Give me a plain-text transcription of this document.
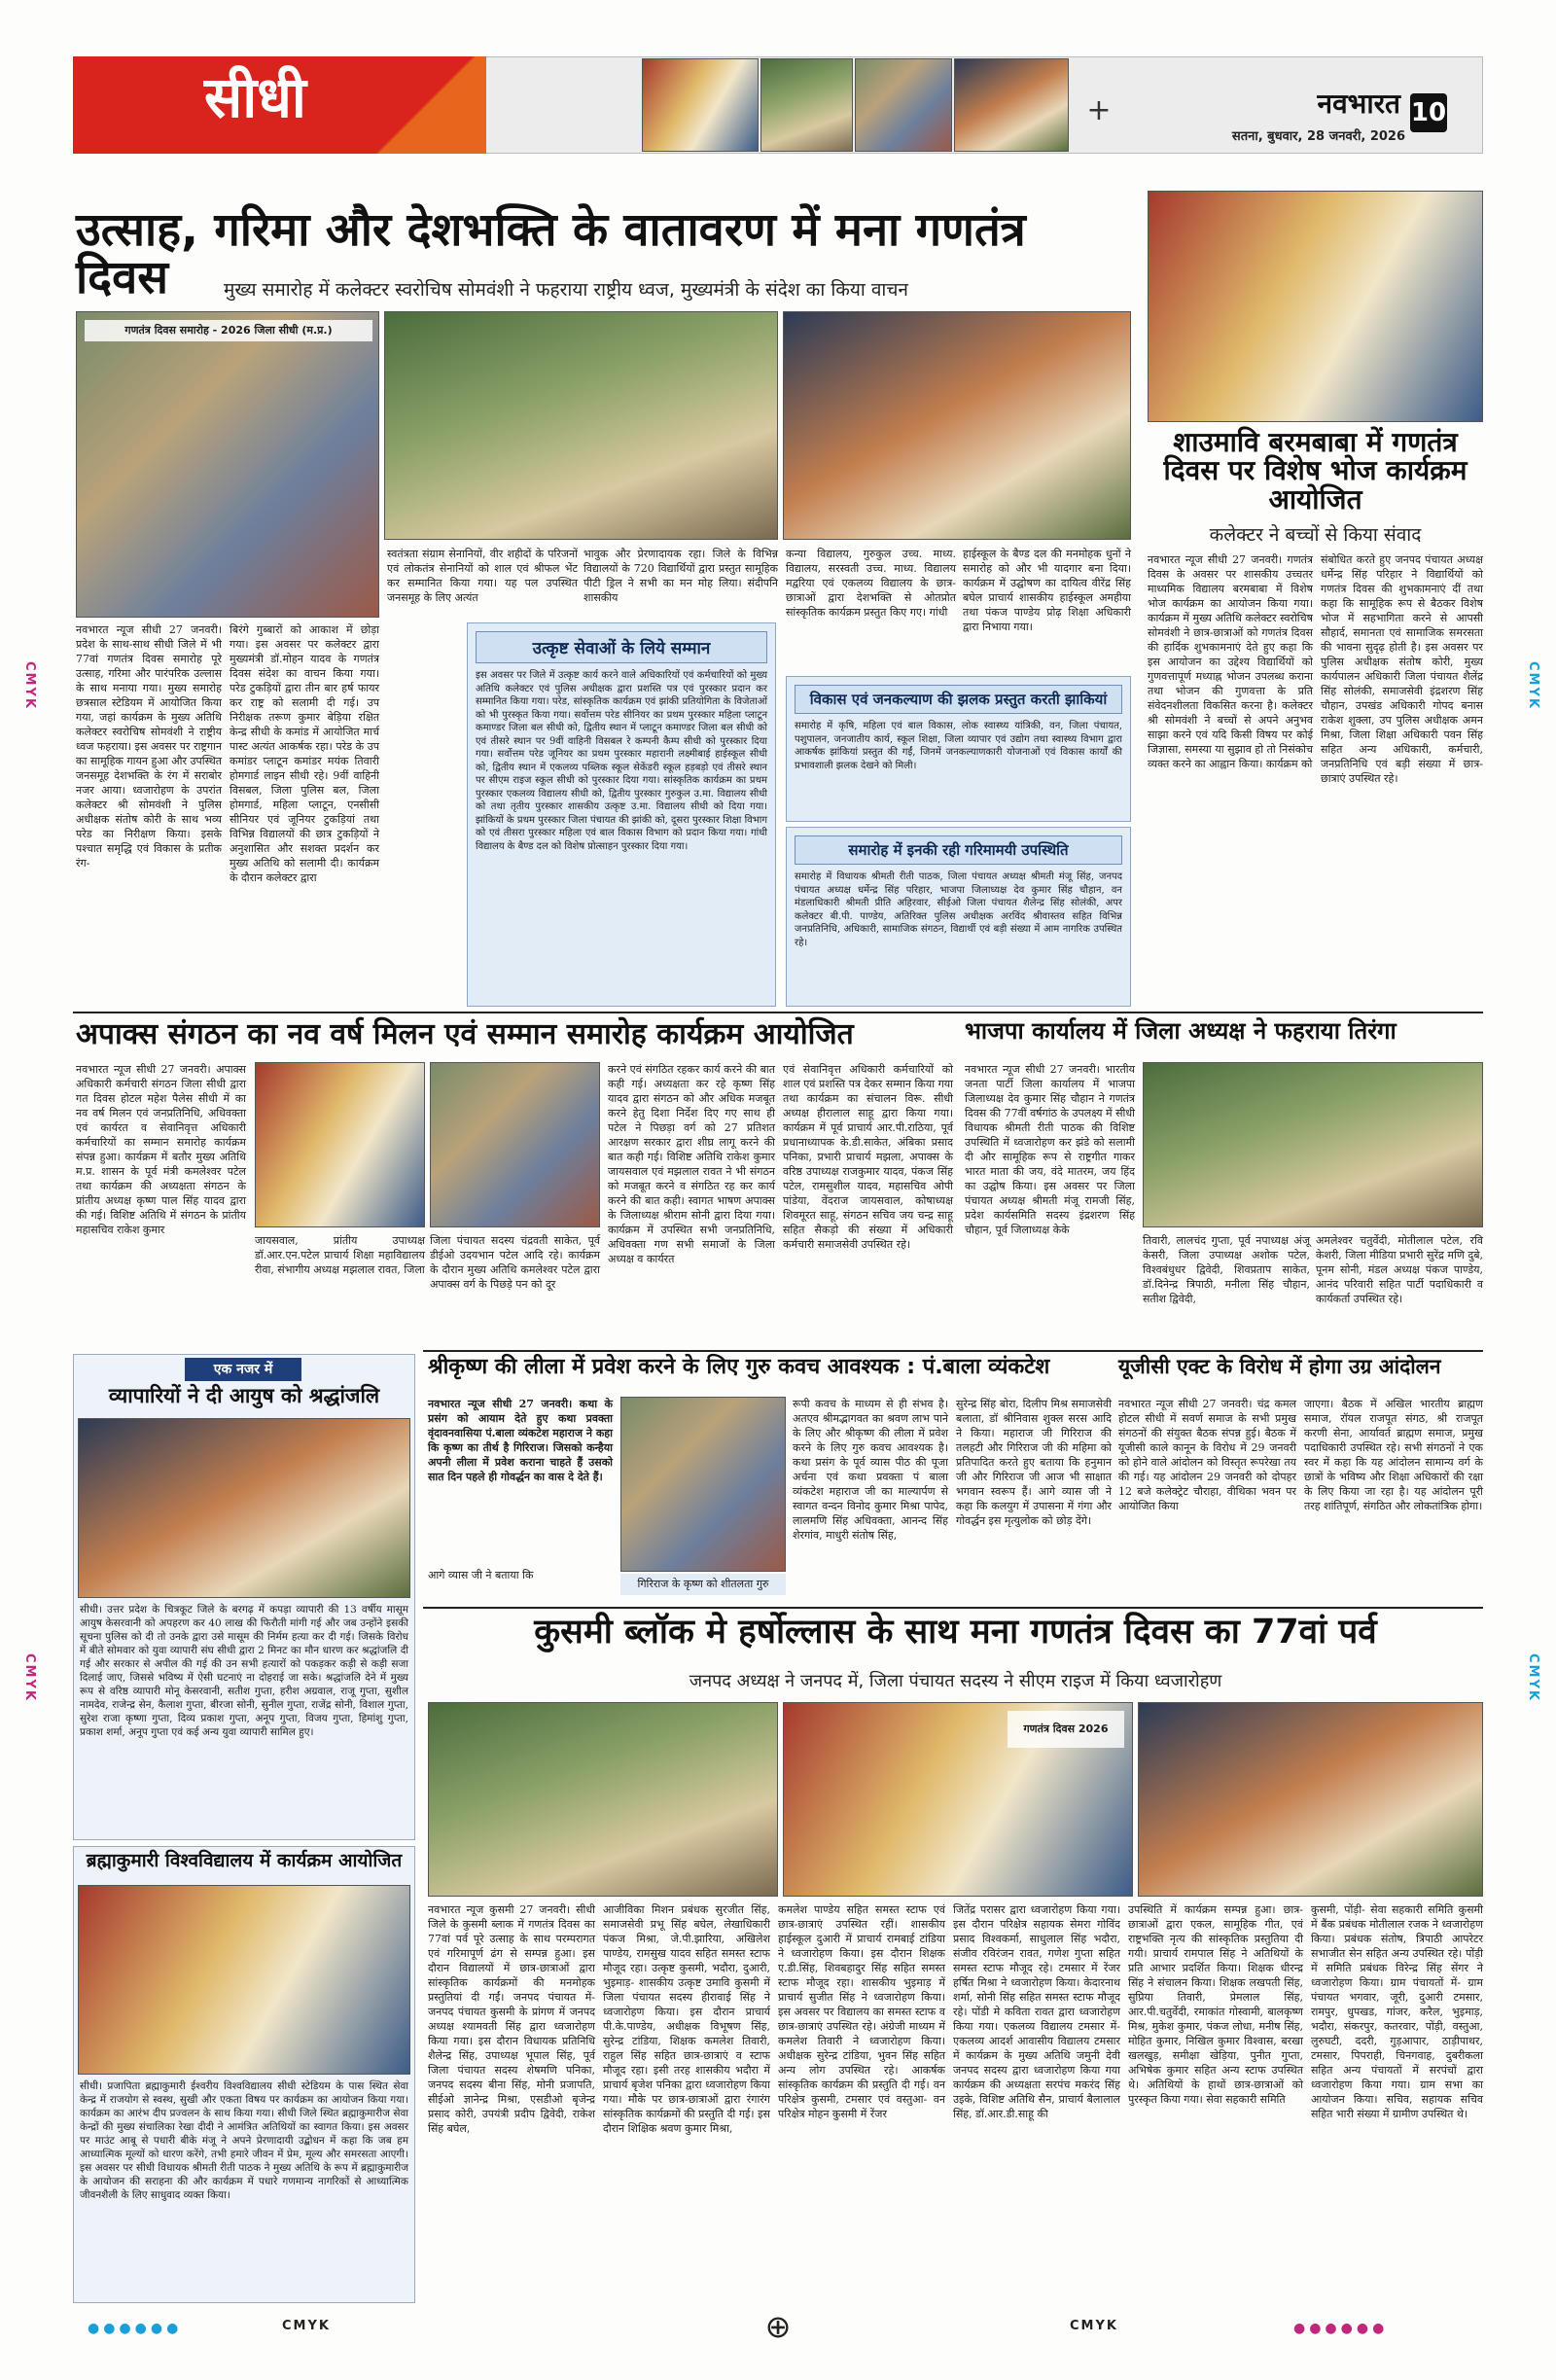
सीधी	+	नवभारत 10
सतना, बुधवार, 28 जनवरी, 2026
उत्साह, गरिमा और देशभक्ति के वातावरण में मना गणतंत्र दिवस	मुख्य समारोह में कलेक्टर स्वरोचिष सोमवंशी ने फहराया राष्ट्रीय ध्वज, मुख्यमंत्री के संदेश का किया वाचन
गणतंत्र दिवस समारोह - 2026 जिला सीधी (म.प्र.)
नवभारत न्यूज सीधी 27 जनवरी। प्रदेश के साथ-साथ सीधी जिले में भी 77वां गणतंत्र दिवस समारोह पूरे उत्साह, गरिमा और पारंपरिक उल्लास के साथ मनाया गया। मुख्य समारोह छत्रसाल स्टेडियम में आयोजित किया गया, जहां कार्यक्रम के मुख्य अतिथि कलेक्टर स्वरोचिष सोमवंशी ने राष्ट्रीय ध्वज फहराया। इस अवसर पर राष्ट्रगान का सामूहिक गायन हुआ और उपस्थित जनसमूह देशभक्ति के रंग में सराबोर नजर आया। ध्वजारोहण के उपरांत कलेक्टर श्री सोमवंशी ने पुलिस अधीक्षक संतोष कोरी के साथ भव्य परेड का निरीक्षण किया। इसके पश्चात समृद्धि एवं विकास के प्रतीक रंग-
बिरंगे गुब्बारों को आकाश में छोड़ा गया। इस अवसर पर कलेक्टर द्वारा मुख्यमंत्री डॉ.मोहन यादव के गणतंत्र दिवस संदेश का वाचन किया गया। परेड टुकड़ियों द्वारा तीन बार हर्ष फायर कर राष्ट्र को सलामी दी गई। उप निरीक्षक तरूण कुमार बेड़िया रक्षित केन्द्र सीधी के कमांड में आयोजित मार्च पास्ट अत्यंत आकर्षक रहा। परेड के उप कमांडर प्लाटून कमांडर मयंक तिवारी होमगार्ड लाइन सीधी रहे। 9वीं वाहिनी विसबल, जिला पुलिस बल, जिला होमगार्ड, महिला प्लाटून, एनसीसी सीनियर एवं जूनियर टुकड़ियां तथा विभिन्न विद्यालयों की छात्र टुकड़ियों ने अनुशासित और सशक्त प्रदर्शन कर मुख्य अतिथि को सलामी दी। कार्यक्रम के दौरान कलेक्टर द्वारा
स्वतंत्रता संग्राम सेनानियों, वीर शहीदों के परिजनों एवं लोकतंत्र सेनानियों को शाल एवं श्रीफल भेंट कर सम्मानित किया गया। यह पल उपस्थित जनसमूह के लिए अत्यंत
भावुक और प्रेरणादायक रहा। जिले के विभिन्न विद्यालयों के 720 विद्यार्थियों द्वारा प्रस्तुत सामूहिक पीटी ड्रिल ने सभी का मन मोह लिया। संदीपनि शासकीय
कन्या विद्यालय, गुरुकुल उच्च. माध्य. विद्यालय, सरस्वती उच्च. माध्य. विद्यालय मद्वरिया एवं एकलव्य विद्यालय के छात्र-छात्राओं द्वारा देशभक्ति से ओतप्रोत सांस्कृतिक कार्यक्रम प्रस्तुत किए गए। गांधी
हाईस्कूल के बैण्ड दल की मनमोहक धुनों ने समारोह को और भी यादगार बना दिया। कार्यक्रम में उद्घोषण का दायित्व वीरेंद्र सिंह बघेल प्राचार्य शासकीय हाईस्कूल अमहीया तथा पंकज पाण्डेय प्रोढ़ शिक्षा अधिकारी द्वारा निभाया गया।
उत्कृष्ट सेवाओं के लिये सम्मान
इस अवसर पर जिले में उत्कृष्ट कार्य करने वाले अधिकारियों एवं कर्मचारियों को मुख्य अतिथि कलेक्टर एवं पुलिस अधीक्षक द्वारा प्रशस्ति पत्र एवं पुरस्कार प्रदान कर सम्मानित किया गया। परेड, सांस्कृतिक कार्यक्रम एवं झांकी प्रतियोगिता के विजेताओं को भी पुरस्कृत किया गया। सर्वोत्तम परेड सीनियर का प्रथम पुरस्कार महिला प्लाटून कमाण्डर जिला बल सीधी को, द्वितीय स्थान में प्लाटून कमाण्डर जिला बल सीधी को एवं तीसरे स्थान पर 9वीं वाहिनी विसबल रे कम्पनी कैम्प सीधी को पुरस्कार दिया गया। सर्वोत्तम परेड जूनियर का प्रथम पुरस्कार महारानी लक्ष्मीबाई हाईस्कूल सीधी को, द्वितीय स्थान में एकलव्य पब्लिक स्कूल सेकेंडरी स्कूल हड़बड़ो एवं तीसरे स्थान पर सीएम राइज स्कूल सीधी को पुरस्कार दिया गया। सांस्कृतिक कार्यक्रम का प्रथम पुरस्कार एकलव्य विद्यालय सीधी को, द्वितीय पुरस्कार गुरुकुल उ.मा. विद्यालय सीधी को तथा तृतीय पुरस्कार शासकीय उत्कृष्ट उ.मा. विद्यालय सीधी को दिया गया। झांकियों के प्रथम पुरस्कार जिला पंचायत की झांकी को, दूसरा पुरस्कार शिक्षा विभाग को एवं तीसरा पुरस्कार महिला एवं बाल विकास विभाग को प्रदान किया गया। गांधी विद्यालय के बैण्ड दल को विशेष प्रोत्साहन पुरस्कार दिया गया।
विकास एवं जनकल्याण की झलक प्रस्तुत करती झाकियां
समारोह में कृषि, महिला एवं बाल विकास, लोक स्वास्थ्य यांत्रिकी, वन, जिला पंचायत, पशुपालन, जनजातीय कार्य, स्कूल शिक्षा, जिला व्यापार एवं उद्योग तथा स्वास्थ्य विभाग द्वारा आकर्षक झांकियां प्रस्तुत की गईं, जिनमें जनकल्याणकारी योजनाओं एवं विकास कार्यों की प्रभावशाली झलक देखने को मिली।
समारोह में इनकी रही गरिमामयी उपस्थिति
समारोह में विधायक श्रीमती रीती पाठक, जिला पंचायत अध्यक्ष श्रीमती मंजू सिंह, जनपद पंचायत अध्यक्ष धर्मेन्द्र सिंह परिहार, भाजपा जिलाध्यक्ष देव कुमार सिंह चौहान, वन मंडलाधिकारी श्रीमती प्रीति अहिरवार, सीईओ जिला पंचायत शैलेन्द्र सिंह सोलंकी, अपर कलेक्टर बी.पी. पाण्डेय, अतिरिक्त पुलिस अधीक्षक अरविंद श्रीवास्तव सहित विभिन्न जनप्रतिनिधि, अधिकारी, सामाजिक संगठन, विद्यार्थी एवं बड़ी संख्या में आम नागरिक उपस्थित रहे।
शाउमावि बरमबाबा में गणतंत्र दिवस पर विशेष भोज कार्यक्रम आयोजित
कलेक्टर ने बच्चों से किया संवाद
नवभारत न्यूज सीधी 27 जनवरी। गणतंत्र दिवस के अवसर पर शासकीय उच्चतर माध्यमिक विद्यालय बरमबाबा में विशेष भोज कार्यक्रम का आयोजन किया गया। कार्यक्रम में मुख्य अतिथि कलेक्टर स्वरोचिष सोमवंशी ने छात्र-छात्राओं को गणतंत्र दिवस की हार्दिक शुभकामनाएं देते हुए कहा कि इस आयोजन का उद्देश्य विद्यार्थियों को गुणवत्तापूर्ण मध्याह्न भोजन उपलब्ध कराना तथा भोजन की गुणवत्ता के प्रति संवेदनशीलता विकसित करना है। कलेक्टर श्री सोमवंशी ने बच्चों से अपने अनुभव साझा करने एवं यदि किसी विषय पर कोई जिज्ञासा, समस्या या सुझाव हो तो निसंकोच व्यक्त करने का आह्वान किया। कार्यक्रम को
संबोधित करते हुए जनपद पंचायत अध्यक्ष धर्मेन्द्र सिंह परिहार ने विद्यार्थियों को गणतंत्र दिवस की शुभकामनाएं दीं तथा कहा कि सामूहिक रूप से बैठकर विशेष भोज में सहभागिता करने से आपसी सौहार्द, समानता एवं सामाजिक समरसता की भावना सुदृढ़ होती है। इस अवसर पर पुलिस अधीक्षक संतोष कोरी, मुख्य कार्यपालन अधिकारी जिला पंचायत शैलेंद्र सिंह सोलंकी, समाजसेवी इंद्रशरण सिंह चौहान, उपखंड अधिकारी गोपद बनास राकेश शुक्ला, उप पुलिस अधीक्षक अमन मिश्रा, जिला शिक्षा अधिकारी पवन सिंह सहित अन्य अधिकारी, कर्मचारी, जनप्रतिनिधि एवं बड़ी संख्या में छात्र-छात्राएं उपस्थित रहे।
अपाक्स संगठन का नव वर्ष मिलन एवं सम्मान समारोह कार्यक्रम आयोजित
नवभारत न्यूज सीधी 27 जनवरी। अपाक्स अधिकारी कर्मचारी संगठन जिला सीधी द्वारा गत दिवस होटल महेश पैलेस सीधी में का नव वर्ष मिलन एवं जनप्रतिनिधि, अधिवक्ता एवं कार्यरत व सेवानिवृत्त अधिकारी कर्मचारियों का सम्मान समारोह कार्यक्रम संपन्न हुआ। कार्यक्रम में बतौर मुख्य अतिथि म.प्र. शासन के पूर्व मंत्री कमलेश्वर पटेल तथा कार्यक्रम की अध्यक्षता संगठन के प्रांतीय अध्यक्ष कृष्ण पाल सिंह यादव द्वारा की गई। विशिष्ट अतिथि में संगठन के प्रांतीय महासचिव राकेश कुमार
जायसवाल, प्रांतीय उपाध्यक्ष डॉ.आर.एन.पटेल प्राचार्य शिक्षा महाविद्यालय रीवा, संभागीय अध्यक्ष मझलाल रावत, जिला
जिला पंचायत सदस्य चंद्रवती साकेत, पूर्व डीईओ उदयभान पटेल आदि रहे। कार्यक्रम के दौरान मुख्य अतिथि कमलेश्वर पटेल द्वारा अपाक्स वर्ग के पिछड़े पन को दूर
करने एवं संगठित रहकर कार्य करने की बात कही गई। अध्यक्षता कर रहे कृष्ण सिंह यादव द्वारा संगठन को और अधिक मजबूत करने हेतु दिशा निर्देश दिए गए साथ ही पटेल ने पिछड़ा वर्ग को 27 प्रतिशत आरक्षण सरकार द्वारा शीघ्र लागू करने की बात कही गई। विशिष्ट अतिथि राकेश कुमार जायसवाल एवं मझलाल रावत ने भी संगठन को मजबूत करने व संगठित रह कर कार्य करने की बात कही। स्वागत भाषण अपाक्स के जिलाध्यक्ष श्रीराम सोनी द्वारा दिया गया। कार्यक्रम में उपस्थित सभी जनप्रतिनिधि, अधिवक्ता गण सभी समाजों के जिला अध्यक्ष व कार्यरत
एवं सेवानिवृत्त अधिकारी कर्मचारियों को शाल एवं प्रशस्ति पत्र देकर सम्मान किया गया तथा कार्यक्रम का संचालन विरू. सीधी अध्यक्ष हीरालाल साहू द्वारा किया गया। कार्यक्रम में पूर्व प्राचार्य आर.पी.राठिया, पूर्व प्रधानाध्यापक के.डी.साकेत, अंबिका प्रसाद पनिका, प्रभारी प्राचार्य मझला, अपाक्स के वरिष्ठ उपाध्यक्ष राजकुमार यादव, पंकज सिंह पटेल, रामसुशील यादव, महासचिव ओपी पांडेया, वेंदराज जायसवाल, कोषाध्यक्ष शिवमूरत साहू, संगठन सचिव जय चन्द्र साहू सहित सैकड़ो की संख्या में अधिकारी कर्मचारी समाजसेवी उपस्थित रहे।
भाजपा कार्यालय में जिला अध्यक्ष ने फहराया तिरंगा
नवभारत न्यूज सीधी 27 जनवरी। भारतीय जनता पार्टी जिला कार्यालय में भाजपा जिलाध्यक्ष देव कुमार सिंह चौहान ने गणतंत्र दिवस की 77वीं वर्षगांठ के उपलक्ष्य में सीधी विधायक श्रीमती रीती पाठक की विशिष्ट उपस्थिति में ध्वजारोहण कर झंडे को सलामी दी और सामूहिक रूप से राष्ट्रगीत गाकर भारत माता की जय, वंदे मातरम, जय हिंद का उद्घोष किया। इस अवसर पर जिला पंचायत अध्यक्ष श्रीमती मंजू रामजी सिंह, प्रदेश कार्यसमिति सदस्य इंद्रशरण सिंह चौहान, पूर्व जिलाध्यक्ष केके
तिवारी, लालचंद गुप्ता, पूर्व नपाध्यक्ष अंजू केसरी, जिला उपाध्यक्ष अशोक पटेल, विश्वबंधुधर द्विवेदी, शिवप्रताप साकेत, डॉ.दिनेन्द्र त्रिपाठी, मनीला सिंह चौहान, सतीश द्विवेदी,
अमलेश्वर चतुर्वेदी, मोतीलाल पटेल, रवि केशरी, जिला मीडिया प्रभारी सुरेंद्र मणि दुबे, पूनम सोनी, मंडल अध्यक्ष पंकज पाण्डेय, आनंद परिवारी सहित पार्टी पदाधिकारी व कार्यकर्ता उपस्थित रहे।
एक नजर में
व्यापारियों ने दी आयुष को श्रद्धांजलि
सीधी। उत्तर प्रदेश के चित्रकूट जिले के बरगढ़ में कपड़ा व्यापारी की 13 वर्षीय मासूम आयुष केसरवानी को अपहरण कर 40 लाख की फिरौती मांगी गई और जब उन्होंने इसकी सूचना पुलिस को दी तो उनके द्वारा उसे मासूम की निर्मम हत्या कर दी गई। जिसके विरोध में बीते सोमवार को युवा व्यापारी संघ सीधी द्वारा 2 मिनट का मौन धारण कर श्रद्धांजलि दी गई और सरकार से अपील की गई की उन सभी हत्यारों को पकड़कर कड़ी से कड़ी सजा दिलाई जाए, जिससे भविष्य में ऐसी घटनाएं ना दोहराई जा सके। श्रद्धांजलि देने में मुख्य रूप से वरिष्ठ व्यापारी मोनू केसरवानी, सतीश गुप्ता, हरीश अग्रवाल, राजू गुप्ता, सुशील नामदेव, राजेन्द्र सेन, कैलाश गुप्ता, बीरजा सोनी, सुनील गुप्ता, राजेंद्र सोनी, विशाल गुप्ता, सुरेश राजा कृष्णा गुप्ता, दिव्य प्रकाश गुप्ता, अनूप गुप्ता, विजय गुप्ता, हिमांशु गुप्ता, प्रकाश शर्मा, अनूप गुप्ता एवं कई अन्य युवा व्यापारी सामिल हुए।
ब्रह्माकुमारी विश्वविद्यालय में कार्यक्रम आयोजित
सीधी। प्रजापिता ब्रह्माकुमारी ईश्वरीय विश्वविद्यालय सीधी स्टेडियम के पास स्थित सेवा केन्द्र में राजयोग से स्वस्थ, सुखी और एकता विषय पर कार्यक्रम का आयोजन किया गया। कार्यक्रम का आरंभ दीप प्रज्वलन के साथ किया गया। सीधी जिले स्थित ब्रह्माकुमारीज सेवा केन्द्रों की मुख्य संचालिका रेखा दीदी ने आमंत्रित अतिथियों का स्वागत किया। इस अवसर पर माउंट आबू से पधारी बीके मंजू ने अपने प्रेरणादायी उद्बोधन में कहा कि जब हम आध्यात्मिक मूल्यों को धारण करेंगे, तभी हमारे जीवन में प्रेम, मूल्य और समरसता आएगी। इस अवसर पर सीधी विधायक श्रीमती रीती पाठक ने मुख्य अतिथि के रूप में ब्रह्माकुमारीज के आयोजन की सराहना की और कार्यक्रम में पधारे गणमान्य नागरिकों से आध्यात्मिक जीवनशैली के लिए साधुवाद व्यक्त किया।
श्रीकृष्ण की लीला में प्रवेश करने के लिए गुरु कवच आवश्यक : पं.बाला व्यंकटेश
नवभारत न्यूज सीधी 27 जनवरी। कथा के प्रसंग को आयाम देते हुए कथा प्रवक्ता वृंदावनवासिया पं.बाला व्यंकटेश महाराज ने कहा कि कृष्ण का तीर्थ है गिरिराज। जिसको कन्हैया अपनी लीला में प्रवेश कराना चाहते हैं उसको सात दिन पहले ही गोवर्द्धन का वास दे देते हैं।
आगे व्यास जी ने बताया कि
गिरिराज के कृष्ण को शीतलता गुरु
रूपी कवच के माध्यम से ही संभव है। अतएव श्रीमद्भागवत का श्रवण लाभ पाने के लिए और श्रीकृष्ण की लीला में प्रवेश करने के लिए गुरु कवच आवश्यक है। कथा प्रसंग के पूर्व व्यास पीठ की पूजा अर्चना एवं कथा प्रवक्ता पं बाला व्यंकटेश महाराज जी का माल्यार्पण से स्वागत वन्दन विनोद कुमार मिश्रा पापेद, लालमणि सिंह अधिवक्ता, आनन्द सिंह शेरगांव, माधुरी संतोष सिंह,
सुरेन्द्र सिंह बोरा, दिलीप मिश्र समाजसेवी बलाता, डॉ श्रीनिवास शुक्ल सरस आदि ने किया। महाराज जी गिरिराज की तलहटी और गिरिराज जी की महिमा को प्रतिपादित करते हुए बताया कि हनुमान जी और गिरिराज जी आज भी साक्षात भगवान स्वरूप हैं। आगे व्यास जी ने कहा कि कलयुग में उपासना में गंगा और गोवर्द्धन इस मृत्युलोक को छोड़ देंगे।
यूजीसी एक्ट के विरोध में होगा उग्र आंदोलन
नवभारत न्यूज सीधी 27 जनवरी। चंद्र कमल होटल सीधी में सवर्ण समाज के सभी प्रमुख संगठनों की संयुक्त बैठक संपन्न हुई। बैठक में यूजीसी काले कानून के विरोध में 29 जनवरी को होने वाले आंदोलन को विस्तृत रूपरेखा तय की गई। यह आंदोलन 29 जनवरी को दोपहर 12 बजे कलेक्ट्रेट चौराहा, वीथिका भवन पर आयोजित किया
जाएगा। बैठक में अखिल भारतीय ब्राह्मण समाज, रॉयल राजपूत संगठ, श्री राजपूत करणी सेना, आर्यावर्त ब्राह्मण समाज, प्रमुख पदाधिकारी उपस्थित रहे। सभी संगठनों ने एक स्वर में कहा कि यह आंदोलन सामान्य वर्ग के छात्रों के भविष्य और शिक्षा अधिकारों की रक्षा के लिए किया जा रहा है। यह आंदोलन पूरी तरह शांतिपूर्ण, संगठित और लोकतांत्रिक होगा।
कुसमी ब्लॉक मे हर्षोल्लास के साथ मना गणतंत्र दिवस का 77वां पर्व
जनपद अध्यक्ष ने जनपद में, जिला पंचायत सदस्य ने सीएम राइज में किया ध्वजारोहण
गणतंत्र दिवस 2026
नवभारत न्यूज कुसमी 27 जनवरी। सीधी जिले के कुसमी ब्लाक में गणतंत्र दिवस का 77वां पर्व पूरे उत्साह के साथ परम्परागत एवं गरिमापूर्ण ढंग से सम्पन्न हुआ। इस दौरान विद्यालयों में छात्र-छात्राओं द्वारा सांस्कृतिक कार्यक्रमों की मनमोहक प्रस्तुतियां दी गईं। जनपद पंचायत में- जनपद पंचायत कुसमी के प्रांगण में जनपद अध्यक्ष श्यामवती सिंह द्वारा ध्वजारोहण किया गया। इस दौरान विधायक प्रतिनिधि शैलेन्द्र सिंह, उपाध्यक्ष भूपाल सिंह, पूर्व जिला पंचायत सदस्य शेषमणि पनिका, जनपद सदस्य बीना सिंह, मोनी प्रजापति, सीईओ ज्ञानेन्द्र मिश्रा, एसडीओ बृजेन्द्र प्रसाद कोरी, उपयंत्री प्रदीप द्विवेदी, राकेश सिंह बघेल,
आजीविका मिशन प्रबंधक सुरजीत सिंह, समाजसेवी प्रभू सिंह बघेल, लेखाधिकारी पंकज मिश्रा, जे.पी.झारिया, अखिलेश पाण्डेय, रामसुख यादव सहित समस्त स्टाफ मौजूद रहा। उत्कृष्ट कुसमी, भदौरा, दुआरी, भुइमाड़- शासकीय उत्कृष्ट उमावि कुसमी में जिला पंचायत सदस्य हीरावाई सिंह ने ध्वजारोहण किया। इस दौरान प्राचार्य पी.के.पाण्डेय, अधीक्षक विभूषण सिंह, सुरेन्द्र टांडिया, शिक्षक कमलेश तिवारी, राहुल सिंह सहित छात्र-छात्राएं व स्टाफ मौजूद रहा। इसी तरह शासकीय भदौरा में प्राचार्य बृजेश पनिका द्वारा ध्वजारोहण किया गया। मौके पर छात्र-छात्राओं द्वारा रंगारंग सांस्कृतिक कार्यक्रमों की प्रस्तुति दी गई। इस दौरान शिक्षिक श्रवण कुमार मिश्रा,
कमलेश पाण्डेय सहित समस्त स्टाफ एवं छात्र-छात्राएं उपस्थित रहीं। शासकीय हाईस्कूल दुआरी में प्राचार्य रामबाई टांडिया ने ध्वजारोहण किया। इस दौरान शिक्षक ए.डी.सिंह, शिवबहादुर सिंह सहित समस्त स्टाफ मौजूद रहा। शासकीय भुइमाड़ में प्राचार्य सुजीत सिंह ने ध्वजारोहण किया। इस अवसर पर विद्यालय का समस्त स्टाफ व छात्र-छात्राएं उपस्थित रहे। अंग्रेजी माध्यम में कमलेश तिवारी ने ध्वजारोहण किया। अधीक्षक सुरेन्द्र टांडिया, भुवन सिंह सहित अन्य लोग उपस्थित रहे। आकर्षक सांस्कृतिक कार्यक्रम की प्रस्तुति दी गई। वन परिक्षेत्र कुसमी, टमसार एवं वस्तुआ- वन परिक्षेत्र मोहन कुसमी में रेंजर
जितेंद्र परासर द्वारा ध्वजारोहण किया गया। इस दौरान परिक्षेत्र सहायक सेमरा गोविंद प्रसाद विश्वकर्मा, साधुलाल सिंह भदौरा, संजीव रविरंजन रावत, गणेश गुप्ता सहित समस्त स्टाफ मौजूद रहे। टमसार में रेंजर हर्षित मिश्रा ने ध्वजारोहण किया। केदारनाथ शर्मा, सोनी सिंह सहित समस्त स्टाफ मौजूद रहे। पोंडी मे कविता रावत द्वारा ध्वजारोहण किया गया। एकलव्य विद्यालय टमसार में- एकलव्य आदर्श आवासीय विद्यालय टमसार में कार्यक्रम के मुख्य अतिथि जमुनी देवी जनपद सदस्य द्वारा ध्वजारोहण किया गया कार्यक्रम की अध्यक्षता सरपंच मकरंद सिंह उइके, विशिष्ट अतिथि सैन, प्राचार्य बैलालाल सिंह, डॉ.आर.डी.साहू की
उपस्थिति में कार्यक्रम सम्पन्न हुआ। छात्र-छात्राओं द्वारा एकल, सामूहिक गीत, एवं राष्ट्रभक्ति नृत्य की सांस्कृतिक प्रस्तुतिया दी गयी। प्राचार्य रामपाल सिंह ने अतिथियों के प्रति आभार प्रदर्शित किया। शिक्षक धीरन्द्र सिंह ने संचालन किया। शिक्षक लखपती सिंह, सुप्रिया तिवारी, प्रेमलाल सिंह, आर.पी.चतुर्वेदी, रमाकांत गोस्वामी, बालकृष्ण मिश्र, मुकेश कुमार, पंकज लोधा, मनीष सिंह, मोहित कुमार, निखिल कुमार विश्वास, बरखा खलखुड़, समीक्षा खेड़िया, पुनीत गुप्ता, अभिषेक कुमार सहित अन्य स्टाफ उपस्थित थे। अतिथियों के हाथों छात्र-छात्राओं को पुरस्कृत किया गया। सेवा सहकारी समिति
कुसमी, पोंड़ी- सेवा सहकारी समिति कुसमी में बैंक प्रबंधक मोतीलाल रजक ने ध्वजारोहण किया। प्रबंधक संतोष, त्रिपाठी आपरेटर सभाजीत सेन सहित अन्य उपस्थित रहे। पोंड़ी में समिति प्रबंधक विरेन्द्र सिंह सेंगर ने ध्वजारोहण किया। ग्राम पंचायतों में- ग्राम पंचायत भगवार, जूरी, दुआरी टमसार, रामपुर, धुपखड, गांजर, करैल, भुइमाड़, भदौरा, संकरपुर, कतरवार, पोंड़ी, वस्तुआ, लुरुघटी, ददरी, गुड़आपार, ठाड़ीपाथर, टमसार, पिपराही, चिनगवाह, दुबरीकला सहित अन्य पंचायतों में सरपंचों द्वारा ध्वजारोहण किया गया। ग्राम सभा का आयोजन किया। सचिव, सहायक सचिव सहित भारी संख्या में ग्रामीण उपस्थित थे।
CMYK	CMYK
CMYK	CMYK
CMYK	CMYK
⊕
●●●●●●	●●●●●●
